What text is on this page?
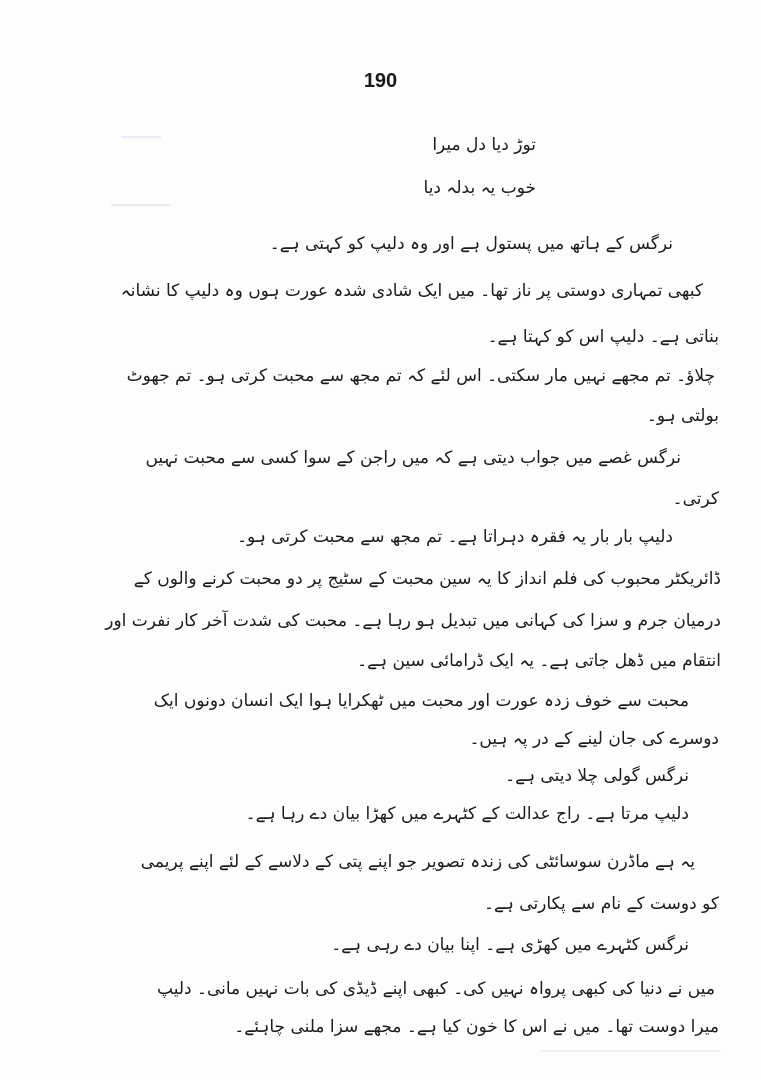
190
توڑ دیا دل میرا
خوب یہ بدلہ دیا
نرگس کے ہاتھ میں پستول ہے اور وہ دلیپ کو کہتی ہے۔
کبھی تمہاری دوستی پر ناز تھا۔ میں ایک شادی شدہ عورت ہوں وہ دلیپ کا نشانہ
بناتی ہے۔ دلیپ اس کو کہتا ہے۔
چلاؤ۔ تم مجھے نہیں مار سکتی۔ اس لئے کہ تم مجھ سے محبت کرتی ہو۔ تم جھوٹ
بولتی ہو۔
نرگس غصے میں جواب دیتی ہے کہ میں راجن کے سوا کسی سے محبت نہیں
کرتی۔
دلیپ بار بار یہ فقرہ دہراتا ہے۔ تم مجھ سے محبت کرتی ہو۔
ڈائریکٹر محبوب کی فلم انداز کا یہ سین محبت کے سٹیج پر دو محبت کرنے والوں کے
درمیان جرم و سزا کی کہانی میں تبدیل ہو رہا ہے۔ محبت کی شدت آخر کار نفرت اور
انتقام میں ڈھل جاتی ہے۔ یہ ایک ڈرامائی سین ہے۔
محبت سے خوف زدہ عورت اور محبت میں ٹھکرایا ہوا ایک انسان دونوں ایک
دوسرے کی جان لینے کے در پہ ہیں۔
نرگس گولی چلا دیتی ہے۔
دلیپ مرتا ہے۔ راج عدالت کے کٹہرے میں کھڑا بیان دے رہا ہے۔
یہ ہے ماڈرن سوسائٹی کی زندہ تصویر جو اپنے پتی کے دلاسے کے لئے اپنے پریمی
کو دوست کے نام سے پکارتی ہے۔
نرگس کٹہرے میں کھڑی ہے۔ اپنا بیان دے رہی ہے۔
میں نے دنیا کی کبھی پرواہ نہیں کی۔ کبھی اپنے ڈیڈی کی بات نہیں مانی۔ دلیپ
میرا دوست تھا۔ میں نے اس کا خون کیا ہے۔ مجھے سزا ملنی چاہئے۔
